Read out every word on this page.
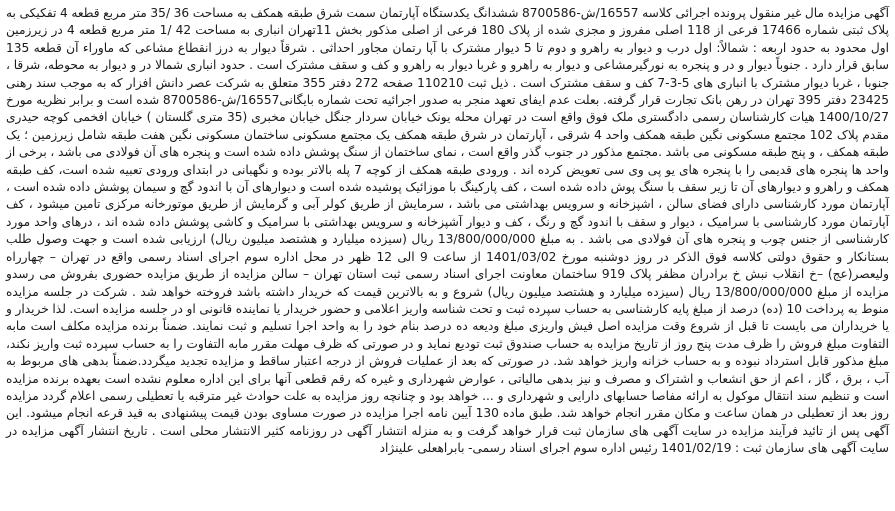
آگهی مزایده مال غیر منقول پرونده اجرائی کلاسه 16557/ش-8700586 ششدانگ یکدستگاه آپارتمان سمت شرق طبقه همکف به مساحت 36 /35 متر مربع قطعه 4 تفکیکی به پلاک ثبتی شماره 17466 فرعی از 118 اصلی مفروز و مجزی شده از پلاک 180 فرعی از اصلی مذکور بخش 11تهران انباری به مساحت 42 /1 متر مربع قطعه 4 در زیرزمین اول محدود به حدود اربعه : شمالاً: اول درب و دیوار به راهرو و دوم تا 5 دیوار مشترک با آپا رتمان مجاور احداثی . شرقاً دیوار به درز انقطاع مشاعی که ماوراء آن قطعه 135 سابق قرار دارد . جنوباً دیوار و در و پنجره به نورگیرمشاعی و دیوار به راهرو و غربا دیوار به راهرو و کف و سقف مشترک است . حدود انباری شمالا در و دیوار به محوطه، شرقا ، جنوبا ، غربا دیوار مشترک با انباری های 5-3-7 کف و سقف مشترک است . ذیل ثبت 110210 صفحه 272 دفتر 355 متعلق به شرکت عصر دانش افزار که به موجب سند رهنی 23425 دفتر 395 تهران در رهن بانک تجارت قرار گرفته. بعلت عدم ایفای تعهد منجر به صدور اجرائیه تحت شماره بایگانی16557/ش-8700586 شده است و برابر نظریه مورخ 1400/10/27 هیات کارشناسان رسمی دادگستری ملک فوق واقع است در تهران محله یونک خیابان سردار جنگل خیابان مخبری (35 متری گلستان ) خیابان افخمی کوچه حیدری مقدم پلاک 102 مجتمع مسکونی نگین طبقه همکف واحد 4 شرقی ، آپارتمان در شرق طبقه همکف یک مجتمع مسکونی ساختمان مسکونی نگین هفت طبقه شامل زیرزمین ؛ یک طبقه همکف ، و پنج طبقه مسکونی می باشد .مجتمع مذکور در جنوب گذر واقع است ، نمای ساختمان از سنگ پوشش داده شده است و پنجره های آن فولادی می باشد ، برخی از واحد ها پنجره های قدیمی را با پنجره های یو پی وی سی تعویض کرده اند . ورودی طبقه همکف از کوچه 7 پله بالاتر بوده و نگهبانی در ابتدای ورودی تعبیه شده است، کف طبقه همکف و راهرو و دیوارهای آن تا زیر سقف با سنگ پوش داده شده است ، کف پارکینگ با موزائیک پوشیده شده است و دیوارهای آن با اندود گچ و سیمان پوشش داده شده است ، آپارتمان مورد کارشناسی دارای فضای سالن ، اشپزخانه و سرویس بهداشتی می باشد ، سرمایش از طریق کولر آبی و گرمایش از طریق موتورخانه مرکزی تامین میشود ، کف آپارتمان مورد کارشناسی با سرامیک ، دیوار و سقف با اندود گچ و رنگ ، کف و دیوار آشپزخانه و سرویس بهداشتی با سرامیک و کاشی پوشش داده شده اند ، درهای واحد مورد کارشناسی از جنس چوب و پنجره های آن فولادی می باشد . به مبلغ 13/800/000/000 ریال (سیزده میلیارد و هشتصد میلیون ریال) ارزیابی شده است و جهت وصول طلب بستانکار و حقوق دولتی کلاسه فوق الذکر در روز دوشنبه مورخ 1401/03/02 از ساعت 9 الی 12 ظهر در محل اداره سوم اجرای اسناد رسمی واقع در تهران – چهارراه ولیعصر(عج) –خ انقلاب نبش خ برادران مظفر پلاک 919 ساختمان معاونت اجرای اسناد رسمی ثبت استان تهران – سالن مزایده از طریق مزایده حضوری بفروش می رسدو مزایده از مبلغ 13/800/000/000 ریال (سیزده میلیارد و هشتصد میلیون ریال) شروع و به بالاترین قیمت که خریدار داشته باشد فروخته خواهد شد . شرکت در جلسه مزایده منوط به پرداخت 10 (ده) درصد از مبلغ پایه کارشناسی به حساب سپرده ثبت و تحت شناسه واریز اعلامی و حضور خریدار یا نماینده قانونی او در جلسه مزایده است. لذا خریدار و یا خریداران می بایست تا قبل از شروع وقت مزایده اصل فیش واریزی مبلغ ودیعه ده درصد بنام خود را به واحد اجرا تسلیم و ثبت نمایند. ضمناً برنده مزایده مکلف است مابه التفاوت مبلغ فروش را ظرف مدت پنج روز از تاریخ مزایده به حساب صندوق ثبت تودیع نماید و در صورتی که ظرف مهلت مقرر مابه التفاوت را به حساب سپرده ثبت واریز نکند، مبلغ مذکور قابل استرداد نبوده و به حساب خزانه واریز خواهد شد. در صورتی که بعد از عملیات فروش از درجه اعتبار ساقط و مزایده تجدید میگردد.ضمناً بدهی های مربوط به آب ، برق ، گاز ، اعم از حق انشعاب و اشتراک و مصرف و نیز بدهی مالیاتی ، عوارض شهرداری و غیره که رقم قطعی آنها برای این اداره معلوم نشده است بعهده برنده مزایده است و تنظیم سند انتقال موکول به ارائه مفاصا حسابهای دارایی و شهرداری و ... خواهد بود و چنانچه روز مزایده به علت حوادث غیر مترقبه یا تعطیلی رسمی اعلام گردد مزایده روز بعد از تعطیلی در همان ساعت و مکان مقرر انجام خواهد شد. طبق ماده 130 آیین نامه اجرا مزایده در صورت مساوی بودن قیمت پیشنهادی به قید قرعه انجام میشود. این آگهی پس از تائید فرآیند مزایده در سایت آگهی های سازمان ثبت قرار خواهد گرفت و به منزله انتشار آگهی در روزنامه کثیر الانتشار محلی است . تاریخ انتشار آگهی مزایده در سایت آگهی های سازمان ثبت : 1401/02/19 رئیس اداره سوم اجرای اسناد رسمی- بابراهعلی علینژاد
